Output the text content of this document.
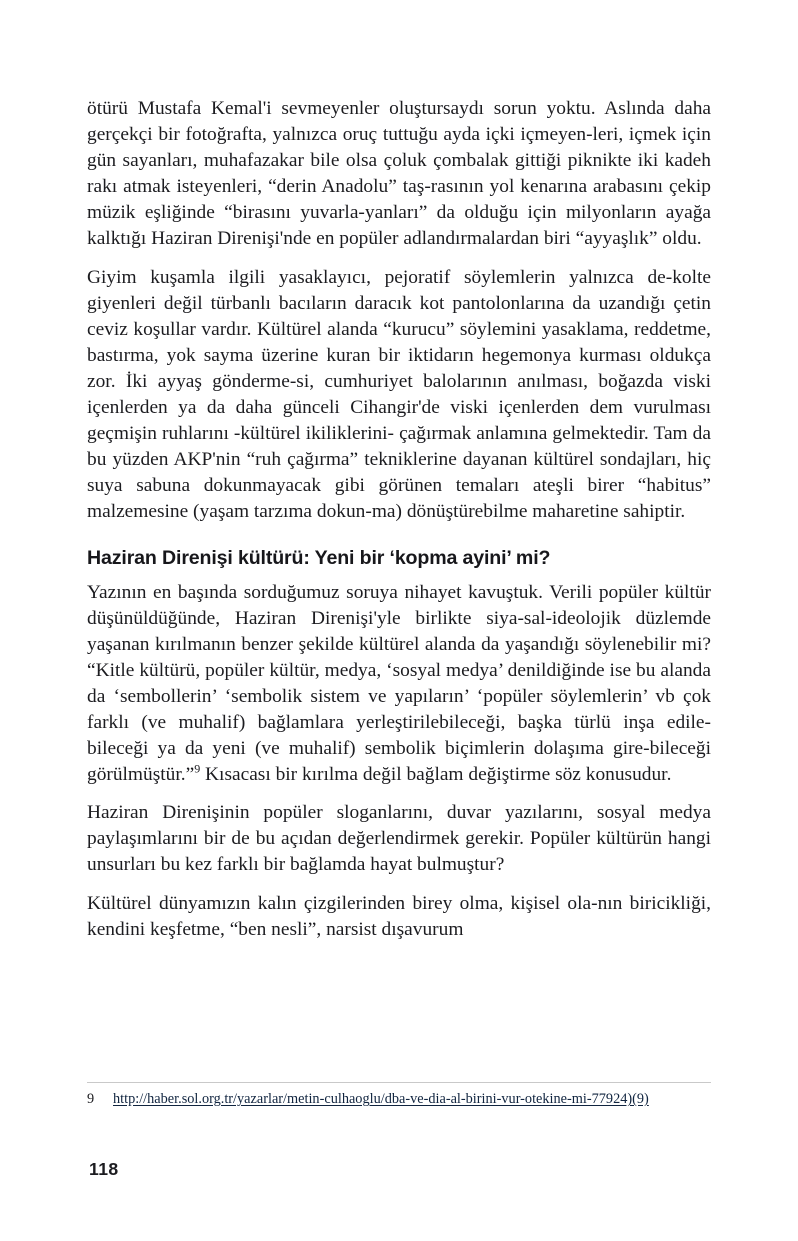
ötürü Mustafa Kemal'i sevmeyenler oluştursaydı sorun yoktu. Aslında daha gerçekçi bir fotoğrafta, yalnızca oruç tuttuğu ayda içki içmeyen-leri, içmek için gün sayanları, muhafazakar bile olsa çoluk çombalak gittiği piknikte iki kadeh rakı atmak isteyenleri, “derin Anadolu” taş-rasının yol kenarına arabasını çekip müzik eşliğinde “birasını yuvarla-yanları” da olduğu için milyonların ayağa kalktığı Haziran Direnişi'nde en popüler adlandırmalardan biri “ayyaşlık” oldu.

Giyim kuşamla ilgili yasaklayıcı, pejoratif söylemlerin yalnızca de-kolte giyenleri değil türbanlı bacıların daracık kot pantolonlarına da uzandığı çetin ceviz koşullar vardır. Kültürel alanda “kurucu” söylemini yasaklama, reddetme, bastırma, yok sayma üzerine kuran bir iktidarın hegemonya kurması oldukça zor. İki ayyaş gönderme-si, cumhuriyet balolarının anılması, boğazda viski içenlerden ya da daha günceli Cihangir'de viski içenlerden dem vurulması geçmişin ruhlarını -kültürel ikiliklerini- çağırmak anlamına gelmektedir. Tam da bu yüzden AKP'nin “ruh çağırma” tekniklerine dayanan kültürel sondajları, hiç suya sabuna dokunmayacak gibi görünen temaları ateşli birer “habitus” malzemesine (yaşam tarzıma dokun-ma) dönüştürebilme maharetine sahiptir.

Haziran Direnişi kültürü: Yeni bir ‘kopma ayini’ mi?

Yazının en başında sorduğumuz soruya nihayet kavuştuk. Verili popüler kültür düşünüldüğünde, Haziran Direnişi'yle birlikte siya-sal-ideolojik düzlemde yaşanan kırılmanın benzer şekilde kültürel alanda da yaşandığı söylenebilir mi? “Kitle kültürü, popüler kültür, medya, ‘sosyal medya’ denildiğinde ise bu alanda da ‘sembollerin’ ‘sembolik sistem ve yapıların’ ‘popüler söylemlerin’ vb çok farklı (ve muhalif) bağlamlara yerleştirilebileceği, başka türlü inşa edile-bileceği ya da yeni (ve muhalif) sembolik biçimlerin dolaşıma gire-bileceği görülmüştür.”$^9$ Kısacası bir kırılma değil bağlam değiştirme söz konusudur.

Haziran Direnişinin popüler sloganlarını, duvar yazılarını, sosyal medya paylaşımlarını bir de bu açıdan değerlendirmek gerekir. Popüler kültürün hangi unsurları bu kez farklı bir bağlamda hayat bulmuştur?

Kültürel dünyamızın kalın çizgilerinden birey olma, kişisel ola-nın biricikliği, kendini keşfetme, “ben nesli”, narsist dışavurum

9 http://haber.sol.org.tr/yazarlar/metin-culhaoglu/dba-ve-dia-al-birini-vur-otekine-mi-77924)(9)
118
